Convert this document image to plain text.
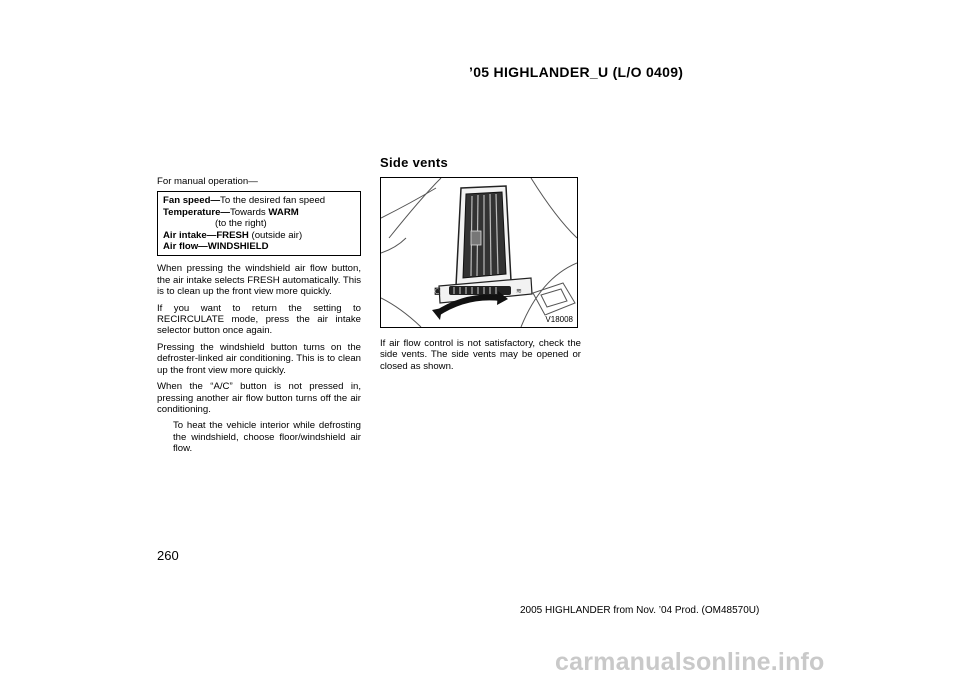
’05 HIGHLANDER_U (L/O 0409)

For manual operation—

Fan speed—To the desired fan speed
Temperature—Towards WARM
(to the right)
Air intake—FRESH (outside air)
Air flow—WINDSHIELD

When pressing the windshield air flow button, the air intake selects FRESH automatically. This is to clean up the front view more quickly.

If you want to return the setting to RECIRCULATE mode, press the air intake selector button once again.

Pressing the windshield button turns on the defroster‐linked air conditioning. This is to clean up the front view more quickly.

When the “A/C” button is not pressed in, pressing another air flow button turns off the air conditioning.

To heat the vehicle interior while defrosting the windshield, choose floor/windshield air flow.
Side vents
◙	≋
V18008

If air flow control is not satisfactory, check the side vents. The side vents may be opened or closed as shown.

260
2005 HIGHLANDER from Nov. ’04 Prod. (OM48570U)
carmanualsonline.info
